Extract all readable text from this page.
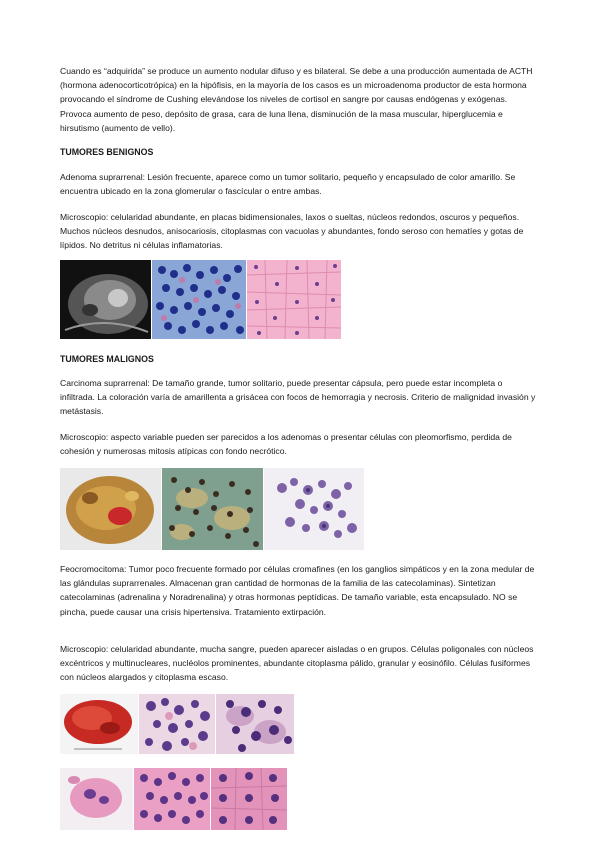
Cuando es “adquirida” se produce un aumento nodular difuso y es bilateral. Se debe a una producción aumentada de ACTH (hormona adenocorticotrópica) en la hipófisis, en la mayoría de los casos es un microadenoma productor de esta hormona provocando el síndrome de Cushing elevándose los niveles de cortisol en sangre por causas endógenas y exógenas. Provoca aumento de peso, depósito de grasa, cara de luna llena, disminución de la masa muscular, hiperglucemia e hirsutismo (aumento de vello).

TUMORES BENIGNOS

Adenoma suprarrenal: Lesión frecuente, aparece como un tumor solitario, pequeño y encapsulado de color amarillo. Se encuentra ubicado en la zona glomerular o fascícular o entre ambas.

Microscopio: celularidad abundante, en placas bidimensionales, laxos o sueltas, núcleos redondos, oscuros y pequeños. Muchos núcleos desnudos, anisocariosis, citoplasmas con vacuolas y abundantes, fondo seroso con hematíes y gotas de lípidos. No detritus ni células inflamatorias.

TUMORES MALIGNOS

Carcinoma suprarrenal: De tamaño grande, tumor solitario, puede presentar cápsula, pero puede estar incompleta o infiltrada. La coloración varía de amarillenta a grisácea con focos de hemorragia y necrosis. Criterio de malignidad invasión y metástasis.

Microscopio: aspecto variable pueden ser parecidos a los adenomas o presentar células con pleomorfismo, perdida de cohesión y numerosas mitosis atípicas con fondo necrótico.

Feocromocitoma: Tumor poco frecuente formado por células cromafines (en los ganglios simpáticos y en la zona medular de las glándulas suprarrenales. Almacenan gran cantidad de hormonas de la familia de las catecolaminas). Sintetizan catecolaminas (adrenalina y Noradrenalina) y otras hormonas peptídicas. De tamaño variable, esta encapsulado. NO se pincha, puede causar una crisis hipertensiva. Tratamiento extirpación.

Microscopio: celularidad abundante, mucha sangre, pueden aparecer aisladas o en grupos. Células poligonales con núcleos excéntricos y multinucleares, nucléolos prominentes, abundante citoplasma pálido, granular y eosinófilo. Células fusiformes con núcleos alargados y citoplasma escaso.
